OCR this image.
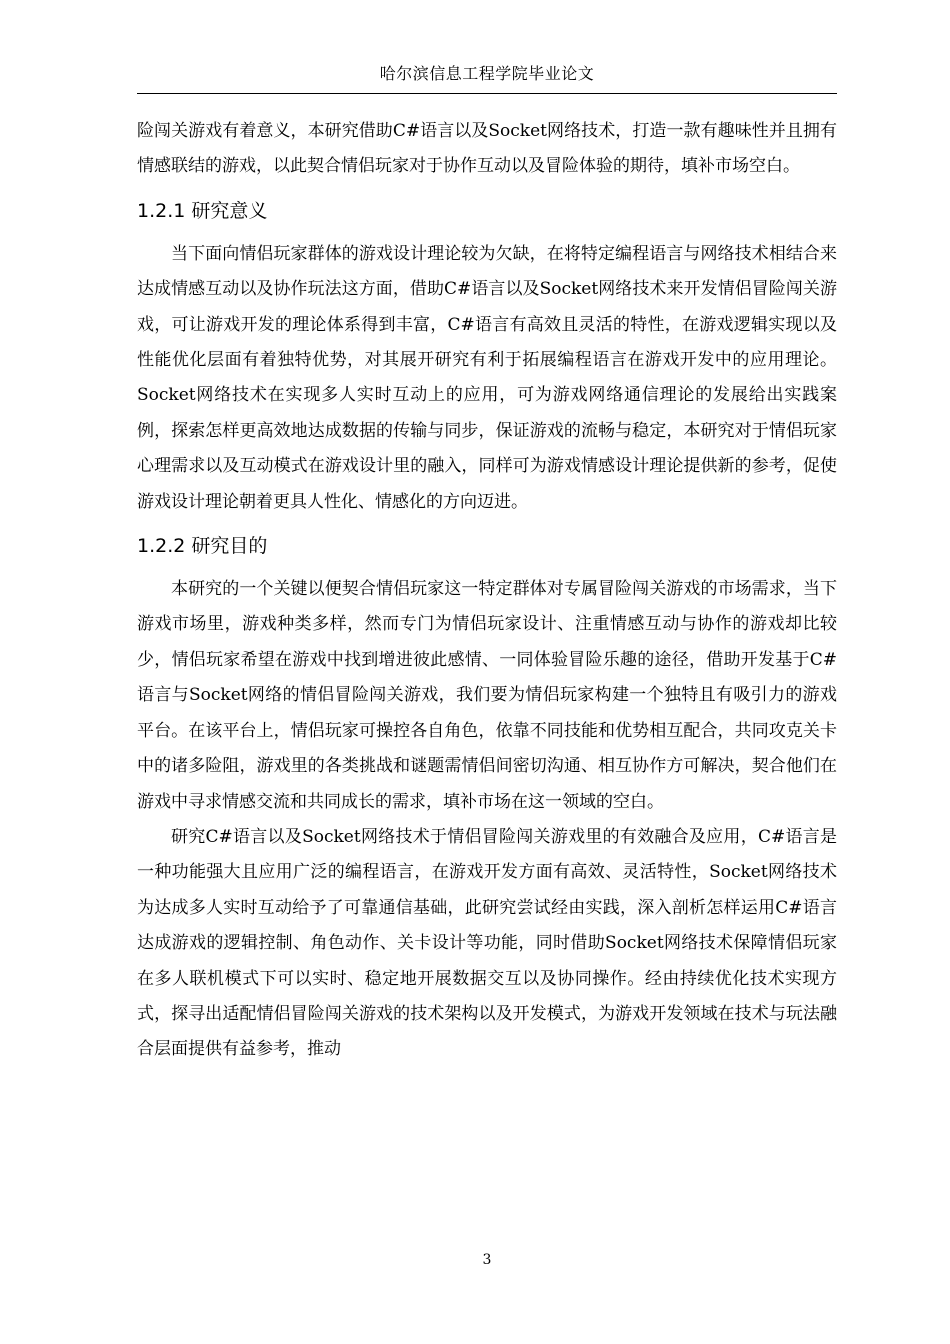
哈尔滨信息工程学院毕业论文

险闯关游戏有着意义，本研究借助C#语言以及Socket网络技术，打造一款有趣味性并且拥有情感联结的游戏，以此契合情侣玩家对于协作互动以及冒险体验的期待，填补市场空白。

1.2.1 研究意义

当下面向情侣玩家群体的游戏设计理论较为欠缺，在将特定编程语言与网络技术相结合来达成情感互动以及协作玩法这方面，借助C#语言以及Socket网络技术来开发情侣冒险闯关游戏，可让游戏开发的理论体系得到丰富，C#语言有高效且灵活的特性，在游戏逻辑实现以及性能优化层面有着独特优势，对其展开研究有利于拓展编程语言在游戏开发中的应用理论。Socket网络技术在实现多人实时互动上的应用，可为游戏网络通信理论的发展给出实践案例，探索怎样更高效地达成数据的传输与同步，保证游戏的流畅与稳定，本研究对于情侣玩家心理需求以及互动模式在游戏设计里的融入，同样可为游戏情感设计理论提供新的参考，促使游戏设计理论朝着更具人性化、情感化的方向迈进。

1.2.2 研究目的

本研究的一个关键以便契合情侣玩家这一特定群体对专属冒险闯关游戏的市场需求，当下游戏市场里，游戏种类多样，然而专门为情侣玩家设计、注重情感互动与协作的游戏却比较少，情侣玩家希望在游戏中找到增进彼此感情、一同体验冒险乐趣的途径，借助开发基于C#语言与Socket网络的情侣冒险闯关游戏，我们要为情侣玩家构建一个独特且有吸引力的游戏平台。在该平台上，情侣玩家可操控各自角色，依靠不同技能和优势相互配合，共同攻克关卡中的诸多险阻，游戏里的各类挑战和谜题需情侣间密切沟通、相互协作方可解决，契合他们在游戏中寻求情感交流和共同成长的需求，填补市场在这一领域的空白。

研究C#语言以及Socket网络技术于情侣冒险闯关游戏里的有效融合及应用，C#语言是一种功能强大且应用广泛的编程语言，在游戏开发方面有高效、灵活特性，Socket网络技术为达成多人实时互动给予了可靠通信基础，此研究尝试经由实践，深入剖析怎样运用C#语言达成游戏的逻辑控制、角色动作、关卡设计等功能，同时借助Socket网络技术保障情侣玩家在多人联机模式下可以实时、稳定地开展数据交互以及协同操作。经由持续优化技术实现方式，探寻出适配情侣冒险闯关游戏的技术架构以及开发模式，为游戏开发领域在技术与玩法融合层面提供有益参考，推动

3
